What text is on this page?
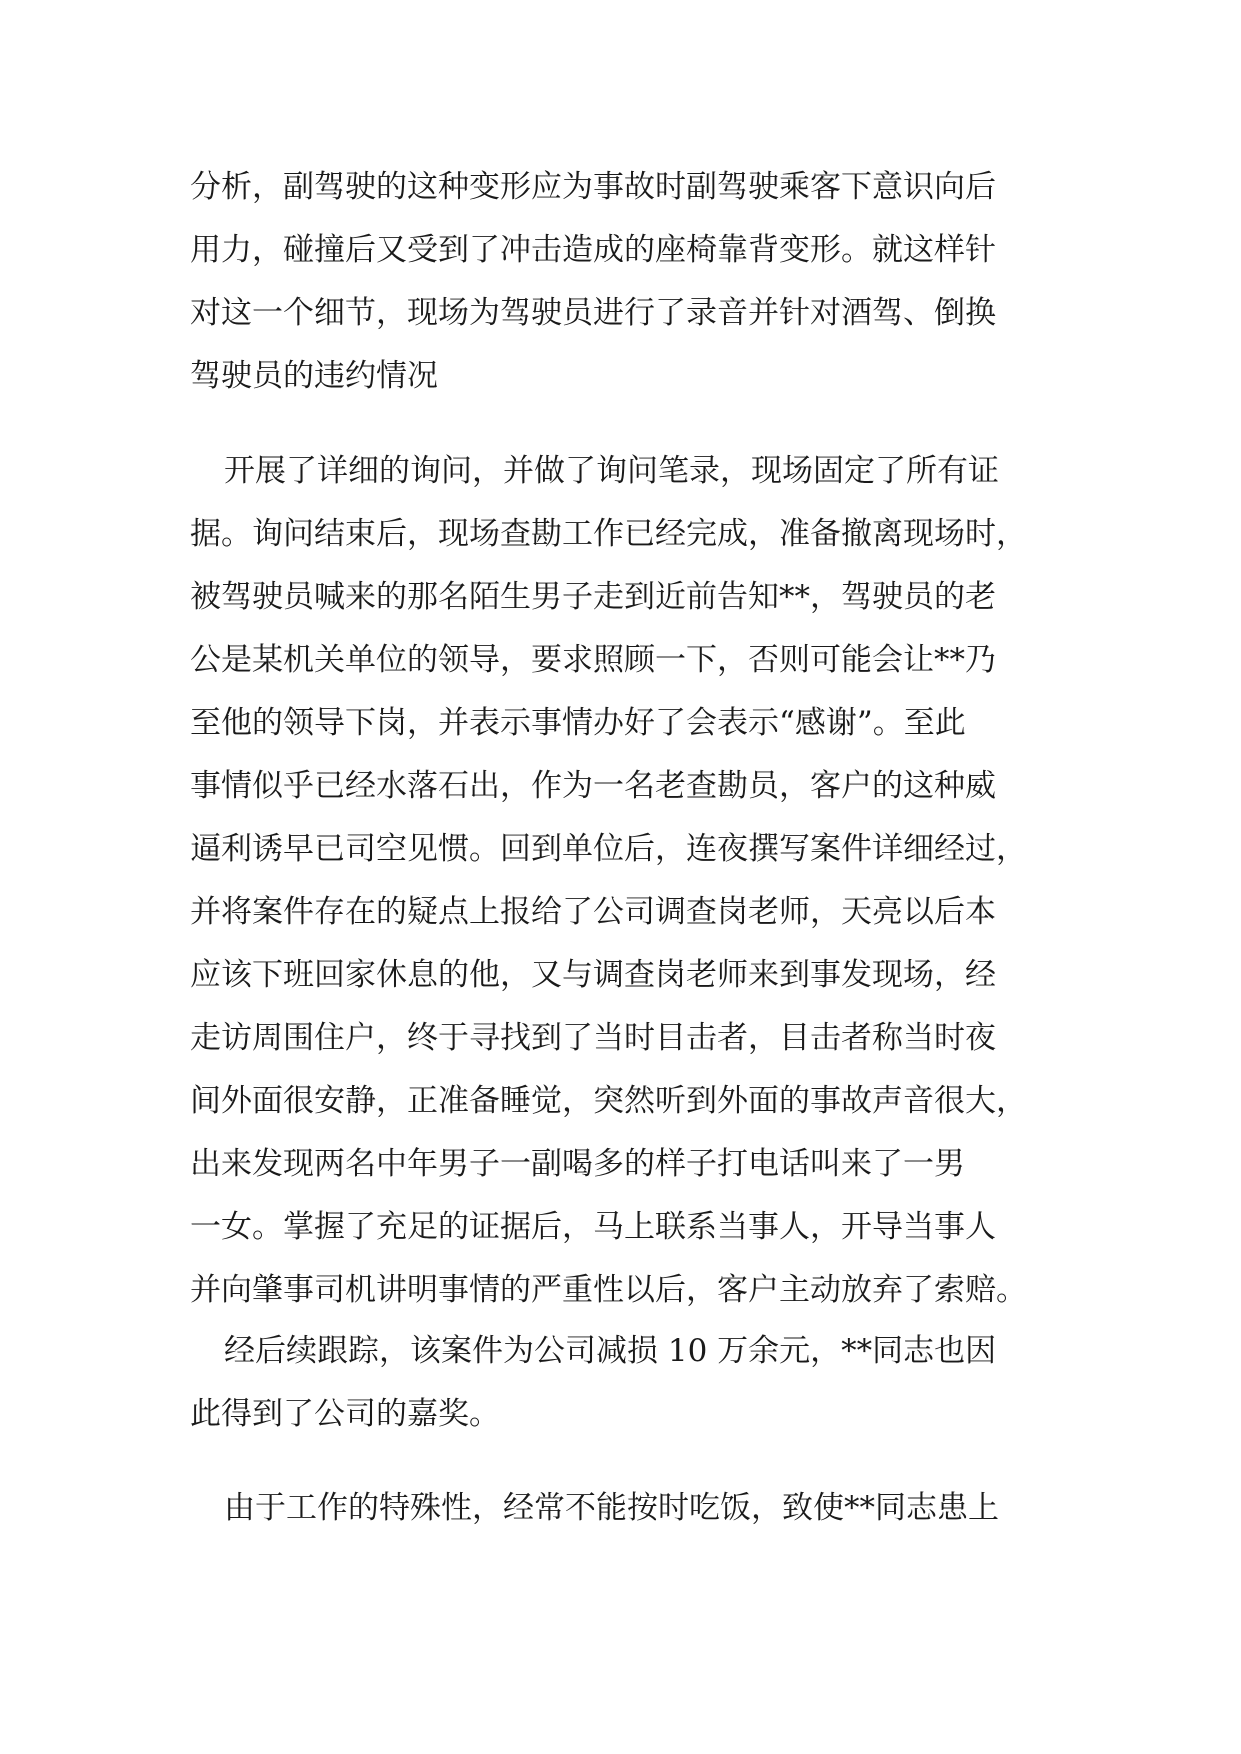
分析，副驾驶的这种变形应为事故时副驾驶乘客下意识向后
用力，碰撞后又受到了冲击造成的座椅靠背变形。就这样针
对这一个细节，现场为驾驶员进行了录音并针对酒驾、倒换
驾驶员的违约情况

开展了详细的询问，并做了询问笔录，现场固定了所有证
据。询问结束后，现场查勘工作已经完成，准备撤离现场时，
被驾驶员喊来的那名陌生男子走到近前告知**，驾驶员的老
公是某机关单位的领导，要求照顾一下，否则可能会让**乃
至他的领导下岗，并表示事情办好了会表示“感谢”。至此
事情似乎已经水落石出，作为一名老查勘员，客户的这种威
逼利诱早已司空见惯。回到单位后，连夜撰写案件详细经过，
并将案件存在的疑点上报给了公司调查岗老师，天亮以后本
应该下班回家休息的他，又与调查岗老师来到事发现场，经
走访周围住户，终于寻找到了当时目击者，目击者称当时夜
间外面很安静，正准备睡觉，突然听到外面的事故声音很大，
出来发现两名中年男子一副喝多的样子打电话叫来了一男
一女。掌握了充足的证据后，马上联系当事人，开导当事人
并向肇事司机讲明事情的严重性以后，客户主动放弃了索赔。

经后续跟踪，该案件为公司减损 10 万余元，**同志也因
此得到了公司的嘉奖。

由于工作的特殊性，经常不能按时吃饭，致使**同志患上
